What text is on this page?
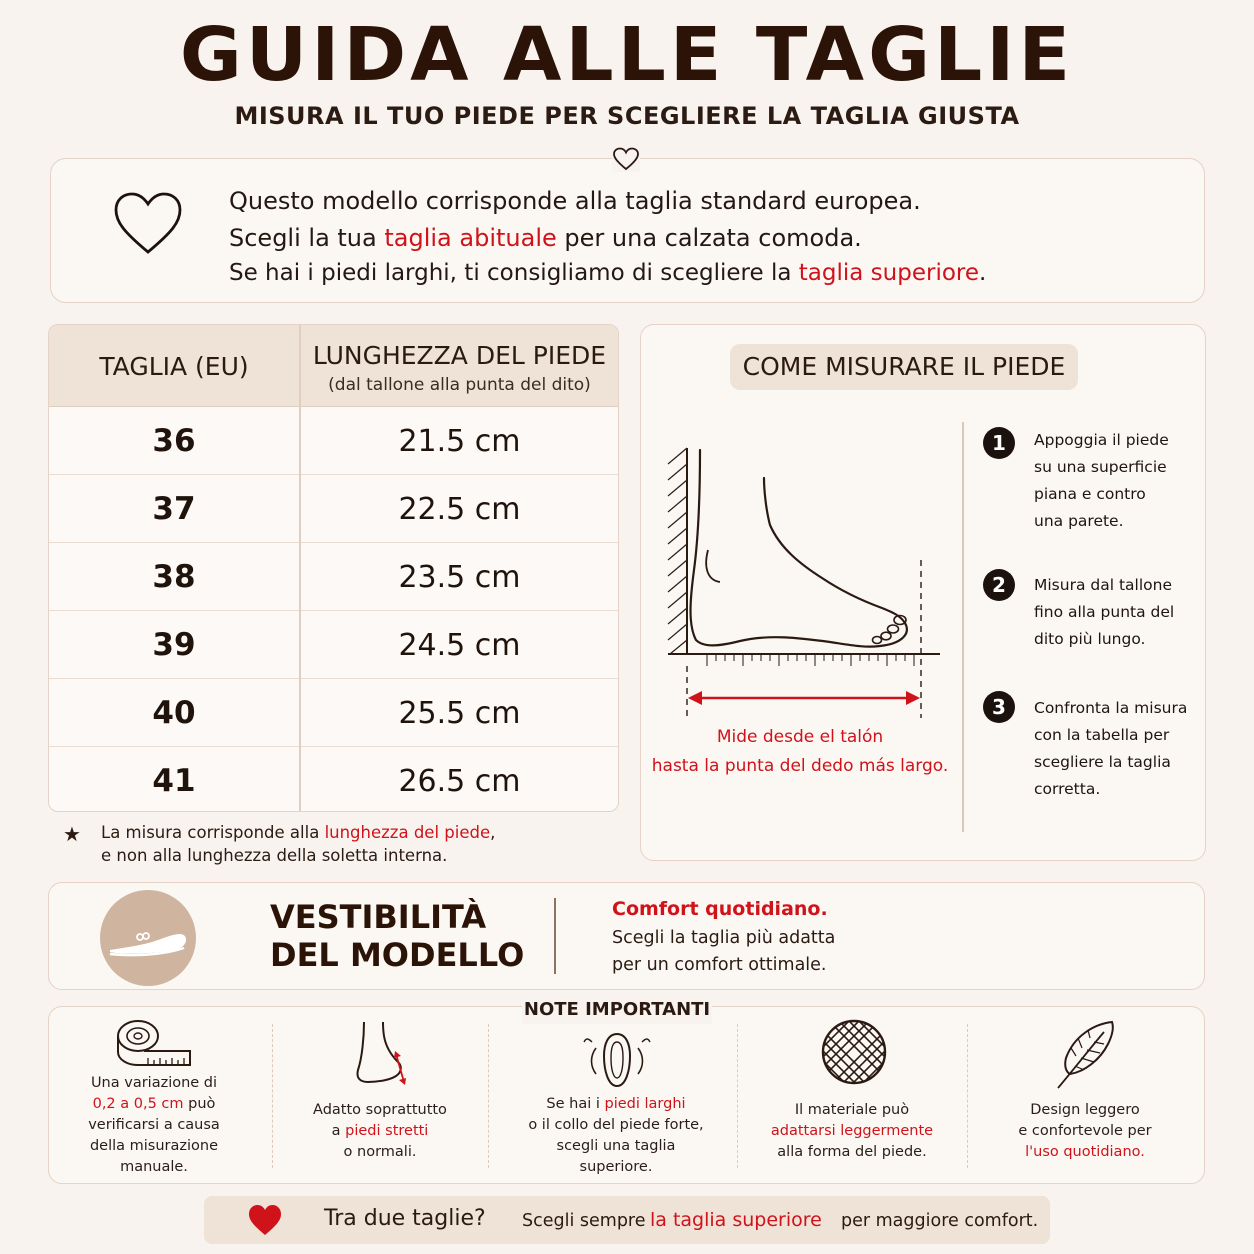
GUIDA ALLE TAGLIE
MISURA IL TUO PIEDE PER SCEGLIERE LA TAGLIA GIUSTA
Questo modello corrisponde alla taglia standard europea.
Scegli la tua taglia abituale per una calzata comoda.
Se hai i piedi larghi, ti consigliamo di scegliere la taglia superiore.
TAGLIA (EU)	LUNGHEZZA DEL PIEDE
(dal tallone alla punta del dito)
36	21.5 cm
37	22.5 cm
38	23.5 cm
39	24.5 cm
40	25.5 cm
41	26.5 cm
★ La misura corrisponde alla lunghezza del piede,
e non alla lunghezza della soletta interna.
COME MISURARE IL PIEDE
Mide desde el talón
hasta la punta del dedo más largo.
1	Appoggia il piede
su una superficie
piana e contro
una parete.
2	Misura dal tallone
fino alla punta del
dito più lungo.
3	Confronta la misura
con la tabella per
scegliere la taglia
corretta.
VESTIBILITÀ
DEL MODELLO
Comfort quotidiano.
Scegli la taglia più adatta
per un comfort ottimale.
NOTE IMPORTANTI
Una variazione di
0,2 a 0,5 cm può
verificarsi a causa
della misurazione
manuale.
Adatto soprattutto
a piedi stretti
o normali.
Se hai i piedi larghi
o il collo del piede forte,
scegli una taglia
superiore.
Il materiale può
adattarsi leggermente
alla forma del piede.
Design leggero
e confortevole per
l'uso quotidiano.
Tra due taglie? Scegli sempre la taglia superiore per maggiore comfort.
